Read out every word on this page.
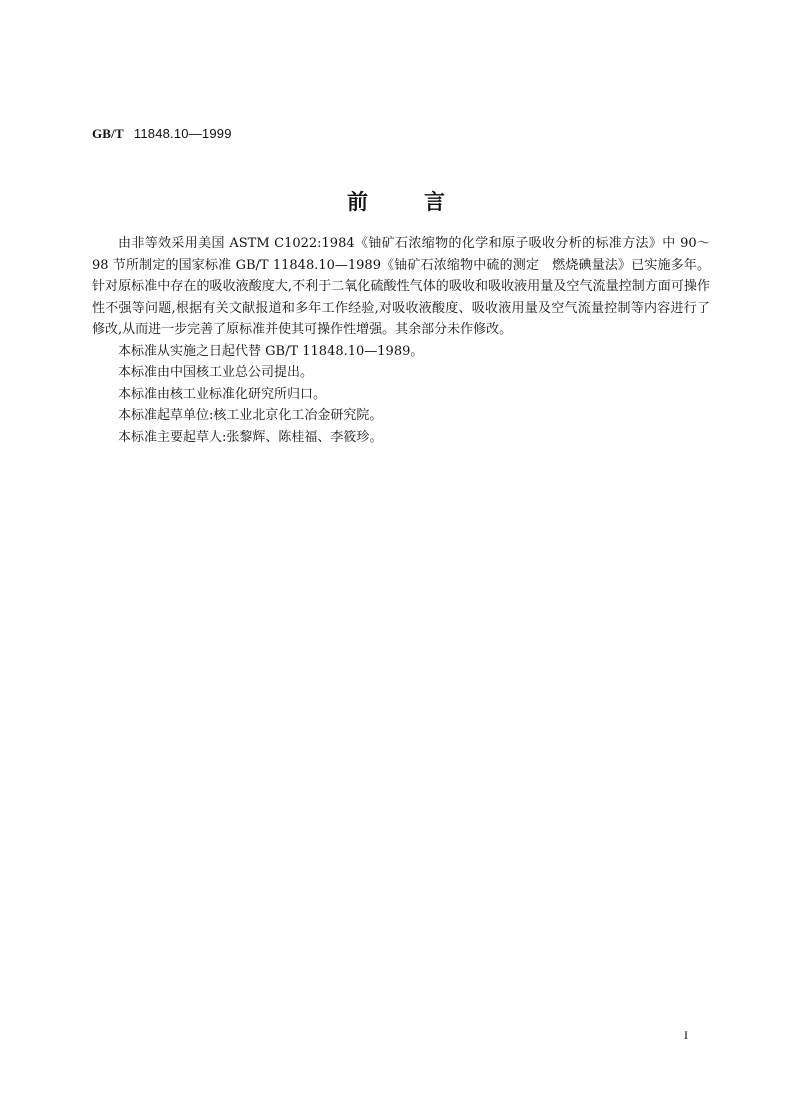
GB/T 11848.10—1999
前言

由非等效采用美国 ASTM C1022:1984《铀矿石浓缩物的化学和原子吸收分析的标准方法》中 90～98 节所制定的国家标准 GB/T 11848.10—1989《铀矿石浓缩物中硫的测定　燃烧碘量法》已实施多年。针对原标准中存在的吸收液酸度大,不利于二氧化硫酸性气体的吸收和吸收液用量及空气流量控制方面可操作性不强等问题,根据有关文献报道和多年工作经验,对吸收液酸度、吸收液用量及空气流量控制等内容进行了修改,从而进一步完善了原标准并使其可操作性增强。其余部分未作修改。

本标准从实施之日起代替 GB/T 11848.10—1989。

本标准由中国核工业总公司提出。

本标准由核工业标准化研究所归口。

本标准起草单位:核工业北京化工冶金研究院。

本标准主要起草人:张黎辉、陈桂福、李筱珍。

I
